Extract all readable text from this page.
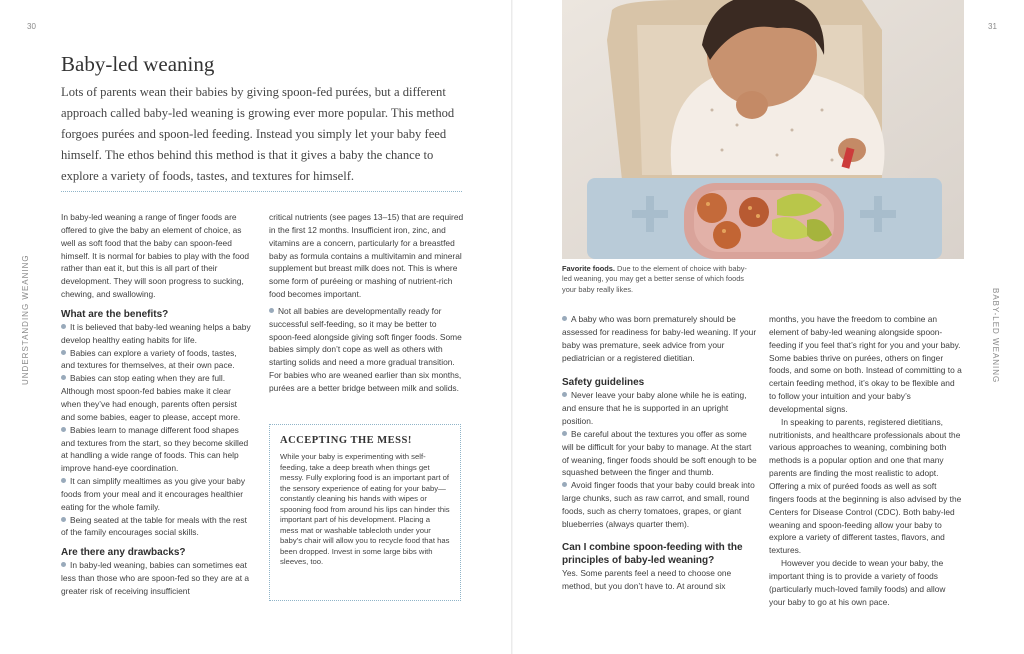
30	31
UNDERSTANDING WEANING	BABY-LED WEANING
Baby-led weaning

Lots of parents wean their babies by giving spoon-fed purées, but a different approach called baby-led weaning is growing ever more popular. This method forgoes purées and spoon-led feeding. Instead you simply let your baby feed himself. The ethos behind this method is that it gives a baby the chance to explore a variety of foods, tastes, and textures for himself.

In baby-led weaning a range of finger foods are offered to give the baby an element of choice, as well as soft food that the baby can spoon-feed himself. It is normal for babies to play with the food rather than eat it, but this is all part of their development. They will soon progress to sucking, chewing, and swallowing.

What are the benefits?

It is believed that baby-led weaning helps a baby develop healthy eating habits for life.

Babies can explore a variety of foods, tastes, and textures for themselves, at their own pace.

Babies can stop eating when they are full. Although most spoon-fed babies make it clear when they’ve had enough, parents often persist and some babies, eager to please, accept more.

Babies learn to manage different food shapes and textures from the start, so they become skilled at handling a wide range of foods. This can help improve hand-eye coordination.

It can simplify mealtimes as you give your baby foods from your meal and it encourages healthier eating for the whole family.

Being seated at the table for meals with the rest of the family encourages social skills.

Are there any drawbacks?

In baby-led weaning, babies can sometimes eat less than those who are spoon-fed so they are at a greater risk of receiving insufficient

critical nutrients (see pages 13–15) that are required in the first 12 months. Insufficient iron, zinc, and vitamins are a concern, particularly for a breastfed baby as formula contains a multivitamin and mineral supplement but breast milk does not. This is where some form of puréeing or mashing of nutrient-rich food becomes important.

Not all babies are developmentally ready for successful self-feeding, so it may be better to spoon-feed alongside giving soft finger foods. Some babies simply don’t cope as well as others with starting solids and need a more gradual transition. For babies who are weaned earlier than six months, purées are a better bridge between milk and solids.

ACCEPTING THE MESS!

While your baby is experimenting with self-feeding, take a deep breath when things get messy. Fully exploring food is an important part of the sensory experience of eating for your baby—constantly cleaning his hands with wipes or spooning food from around his lips can hinder this important part of his development. Placing a mess mat or washable tablecloth under your baby’s chair will allow you to recycle food that has been dropped. Invest in some large bibs with sleeves, too.

Favorite foods. Due to the element of choice with baby-led weaning, you may get a better sense of which foods your baby really likes.

A baby who was born prematurely should be assessed for readiness for baby-led weaning. If your baby was premature, seek advice from your pediatrician or a registered dietitian.

Safety guidelines

Never leave your baby alone while he is eating, and ensure that he is supported in an upright position.

Be careful about the textures you offer as some will be difficult for your baby to manage. At the start of weaning, finger foods should be soft enough to be squashed between the finger and thumb.

Avoid finger foods that your baby could break into large chunks, such as raw carrot, and small, round foods, such as cherry tomatoes, grapes, or giant blueberries (always quarter them).

Can I combine spoon-feeding with the principles of baby-led weaning?

Yes. Some parents feel a need to choose one method, but you don’t have to. At around six

months, you have the freedom to combine an element of baby-led weaning alongside spoon-feeding if you feel that’s right for you and your baby. Some babies thrive on purées, others on finger foods, and some on both. Instead of committing to a certain feeding method, it’s okay to be flexible and to follow your intuition and your baby’s developmental signs.

In speaking to parents, registered dietitians, nutritionists, and healthcare professionals about the various approaches to weaning, combining both methods is a popular option and one that many parents are finding the most realistic to adopt. Offering a mix of puréed foods as well as soft fingers foods at the beginning is also advised by the Centers for Disease Control (CDC). Both baby-led weaning and spoon-feeding allow your baby to explore a variety of different tastes, flavors, and textures.

However you decide to wean your baby, the important thing is to provide a variety of foods (particularly much-loved family foods) and allow your baby to go at his own pace.
